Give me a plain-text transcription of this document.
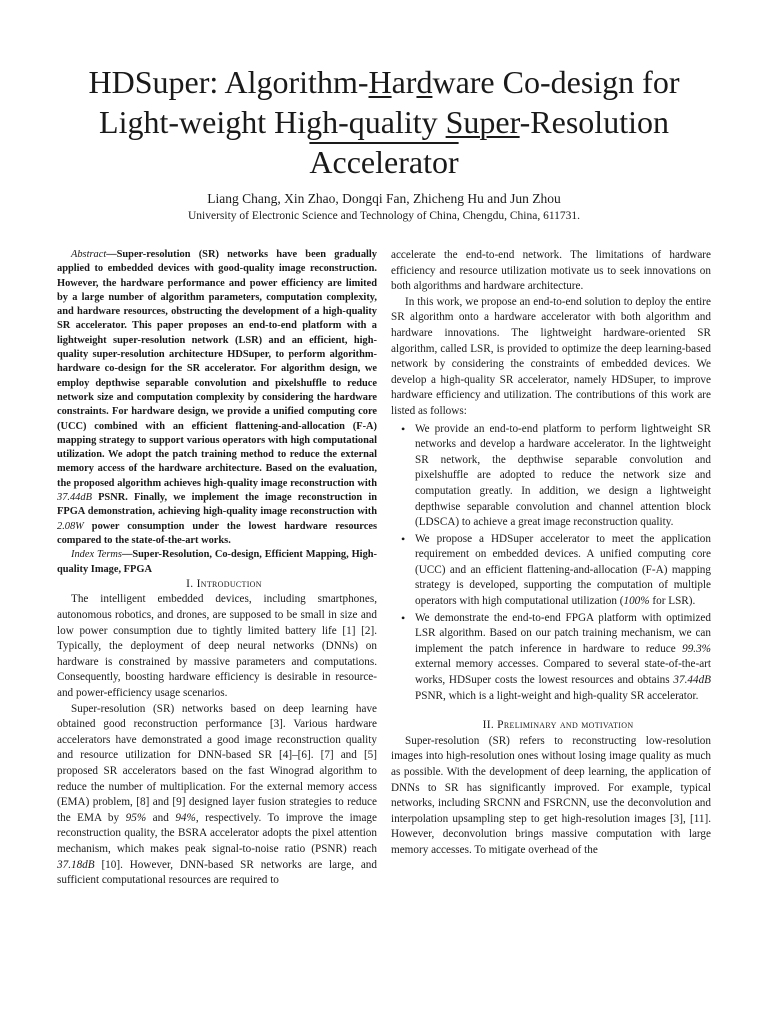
HDSuper: Algorithm-Hardware Co-design for
Light-weight High-quality Super-Resolution
Accelerator
Liang Chang, Xin Zhao, Dongqi Fan, Zhicheng Hu and Jun Zhou
University of Electronic Science and Technology of China, Chengdu, China, 611731.

Abstract—Super-resolution (SR) networks have been gradually applied to embedded devices with good-quality image reconstruction. However, the hardware performance and power efficiency are limited by a large number of algorithm parameters, computation complexity, and hardware resources, obstructing the development of a high-quality SR accelerator. This paper proposes an end-to-end platform with a lightweight super-resolution network (LSR) and an efficient, high-quality super-resolution architecture HDSuper, to perform algorithm-hardware co-design for the SR accelerator. For algorithm design, we employ depthwise separable convolution and pixelshuffle to reduce network size and computation complexity by considering the hardware constraints. For hardware design, we provide a unified computing core (UCC) combined with an efficient flattening-and-allocation (F-A) mapping strategy to support various operators with high computational utilization. We adopt the patch training method to reduce the external memory access of the hardware architecture. Based on the evaluation, the proposed algorithm achieves high-quality image reconstruction with 37.44dB PSNR. Finally, we implement the image reconstruction in FPGA demonstration, achieving high-quality image reconstruction with 2.08W power consumption under the lowest hardware resources compared to the state-of-the-art works.

Index Terms—Super-Resolution, Co-design, Efficient Mapping, High-quality Image, FPGA

I. Introduction

The intelligent embedded devices, including smartphones, autonomous robotics, and drones, are supposed to be small in size and low power consumption due to tightly limited battery life [1] [2]. Typically, the deployment of deep neural networks (DNNs) on hardware is constrained by massive parameters and computations. Consequently, boosting hardware efficiency is desirable in resource- and power-efficiency usage scenarios.

Super-resolution (SR) networks based on deep learning have obtained good reconstruction performance [3]. Various hardware accelerators have demonstrated a good image reconstruction quality and resource utilization for DNN-based SR [4]–[6]. [7] and [5] proposed SR accelerators based on the fast Winograd algorithm to reduce the number of multiplication. For the external memory access (EMA) problem, [8] and [9] designed layer fusion strategies to reduce the EMA by 95% and 94%, respectively. To improve the image reconstruction quality, the BSRA accelerator adopts the pixel attention mechanism, which makes peak signal-to-noise ratio (PSNR) reach 37.18dB [10]. However, DNN-based SR networks are large, and sufficient computational resources are required to

accelerate the end-to-end network. The limitations of hardware efficiency and resource utilization motivate us to seek innovations on both algorithms and hardware architecture.

In this work, we propose an end-to-end solution to deploy the entire SR algorithm onto a hardware accelerator with both algorithm and hardware innovations. The lightweight hardware-oriented SR algorithm, called LSR, is provided to optimize the deep learning-based network by considering the constraints of embedded devices. We develop a high-quality SR accelerator, namely HDSuper, to improve hardware efficiency and utilization. The contributions of this work are listed as follows:

• We provide an end-to-end platform to perform lightweight SR networks and develop a hardware accelerator. In the lightweight SR network, the depthwise separable convolution and pixelshuffle are adopted to reduce the network size and computation greatly. In addition, we design a lightweight depthwise separable convolution and channel attention block (LDSCA) to achieve a great image reconstruction quality.
• We propose a HDSuper accelerator to meet the application requirement on embedded devices. A unified computing core (UCC) and an efficient flattening-and-allocation (F-A) mapping strategy is developed, supporting the computation of multiple operators with high computational utilization (100% for LSR).
• We demonstrate the end-to-end FPGA platform with optimized LSR algorithm. Based on our patch training mechanism, we can implement the patch inference in hardware to reduce 99.3% external memory accesses. Compared to several state-of-the-art works, HDSuper costs the lowest resources and obtains 37.44dB PSNR, which is a light-weight and high-quality SR accelerator.

II. Preliminary and motivation

Super-resolution (SR) refers to reconstructing low-resolution images into high-resolution ones without losing image quality as much as possible. With the development of deep learning, the application of DNNs to SR has significantly improved. For example, typical networks, including SRCNN and FSRCNN, use the deconvolution and interpolation upsampling step to get high-resolution images [3], [11]. However, deconvolution brings massive computation with large memory accesses. To mitigate overhead of the
